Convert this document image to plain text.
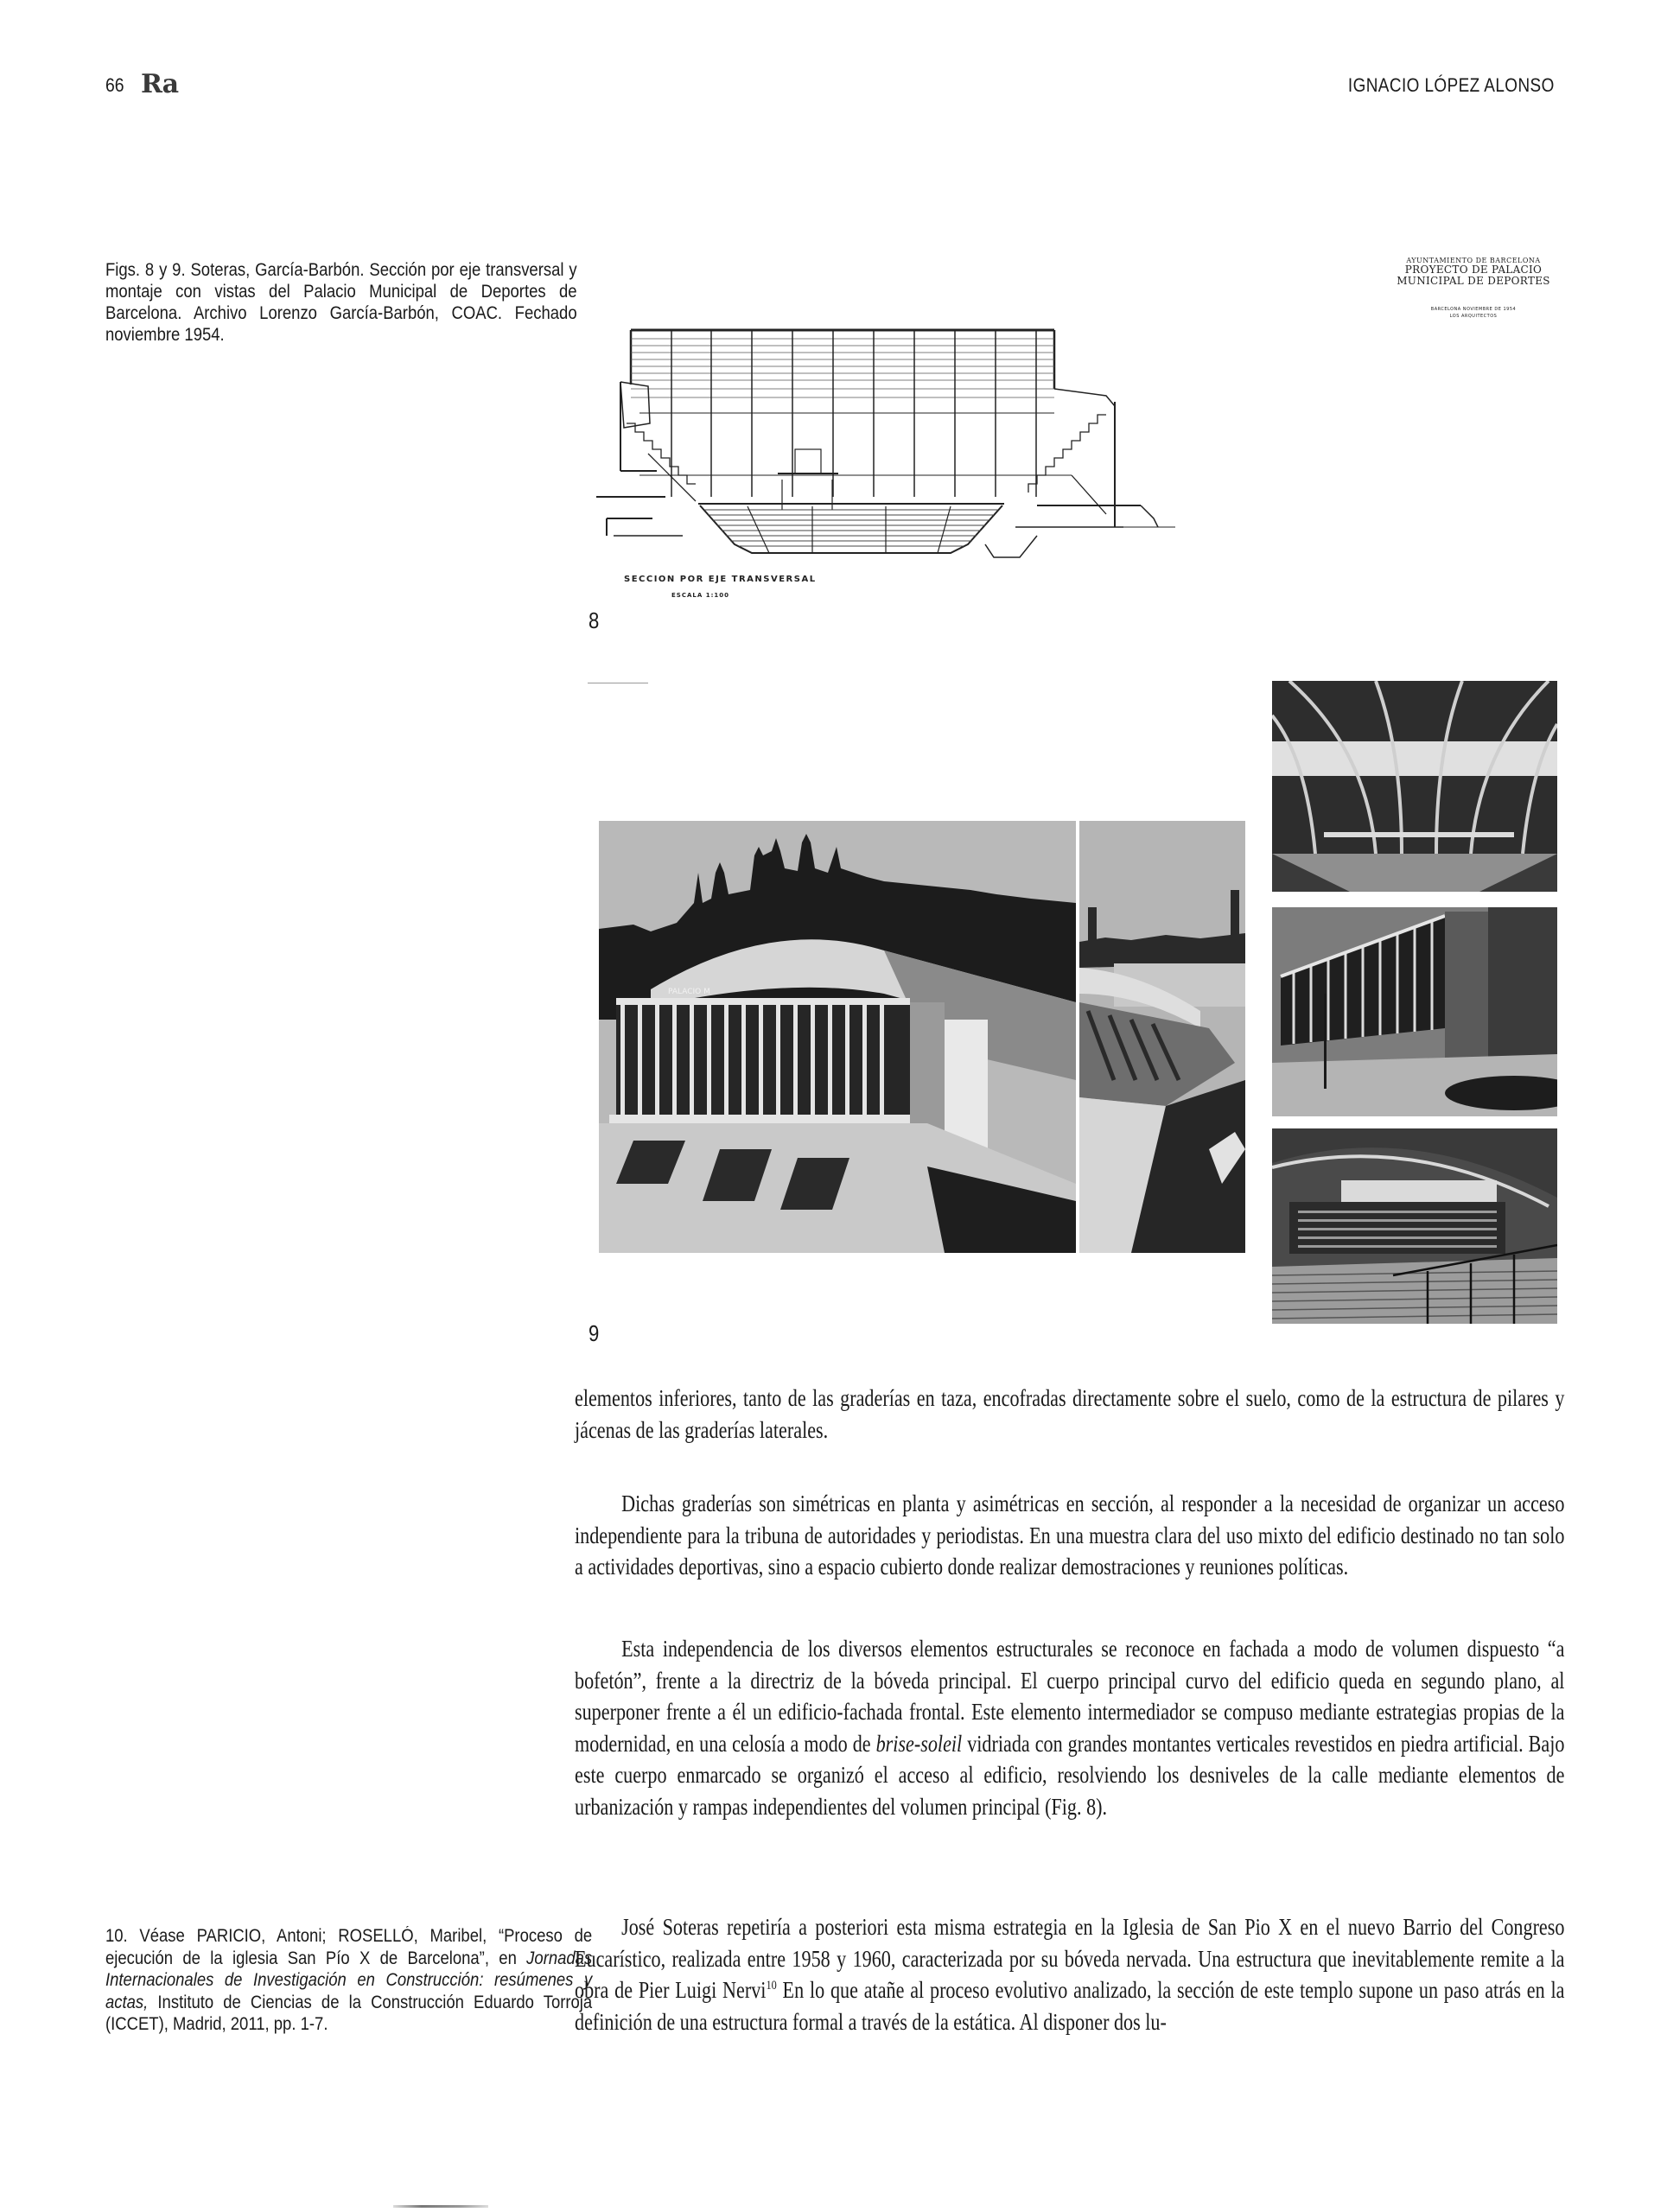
66 Ra	IGNACIO LÓPEZ ALONSO
Figs. 8 y 9. Soteras, García-Barbón. Sección por eje transversal y montaje con vistas del Palacio Municipal de Deportes de Barcelona. Archivo Lorenzo García-Barbón, COAC. Fechado noviembre 1954.
AYUNTAMIENTO DE BARCELONA
PROYECTO DE PALACIO
MUNICIPAL DE DEPORTES
BARCELONA NOVIEMBRE DE 1954
LOS ARQUITECTOS
SECCION POR EJE TRANSVERSAL
ESCALA 1:100
8
PALACIO M
9

elementos inferiores, tanto de las graderías en taza, encofradas directamente sobre el suelo, como de la estructura de pilares y jácenas de las graderías laterales.

Dichas graderías son simétricas en planta y asimétricas en sección, al responder a la necesidad de organizar un acceso independiente para la tribuna de autoridades y periodistas. En una muestra clara del uso mixto del edificio destinado no tan solo a actividades deportivas, sino a espacio cubierto donde realizar demostraciones y reuniones políticas.

Esta independencia de los diversos elementos estructurales se reconoce en fachada a modo de volumen dispuesto “a bofetón”, frente a la directriz de la bóveda principal. El cuerpo principal curvo del edificio queda en segundo plano, al superponer frente a él un edificio-fachada frontal. Este elemento intermediador se compuso mediante estrategias propias de la modernidad, en una celosía a modo de brise-soleil vidriada con grandes montantes verticales revestidos en piedra artificial. Bajo este cuerpo enmarcado se organizó el acceso al edificio, resolviendo los desniveles de la calle mediante elementos de urbanización y rampas independientes del volumen principal (Fig. 8).

José Soteras repetiría a posteriori esta misma estrategia en la Iglesia de San Pio X en el nuevo Barrio del Congreso Eucarístico, realizada entre 1958 y 1960, caracterizada por su bóveda nervada. Una estructura que inevitablemente remite a la obra de Pier Luigi Nervi$^{10}$ En lo que atañe al proceso evolutivo analizado, la sección de este templo supone un paso atrás en la definición de una estructura formal a través de la estática. Al disponer dos lu-

10. Véase PARICIO, Antoni; ROSELLÓ, Maribel, “Proceso de ejecución de la iglesia San Pío X de Barcelona”, en Jornadas Internacionales de Investigación en Construcción: resúmenes y actas, Instituto de Ciencias de la Construcción Eduardo Torroja (ICCET), Madrid, 2011, pp. 1-7.
